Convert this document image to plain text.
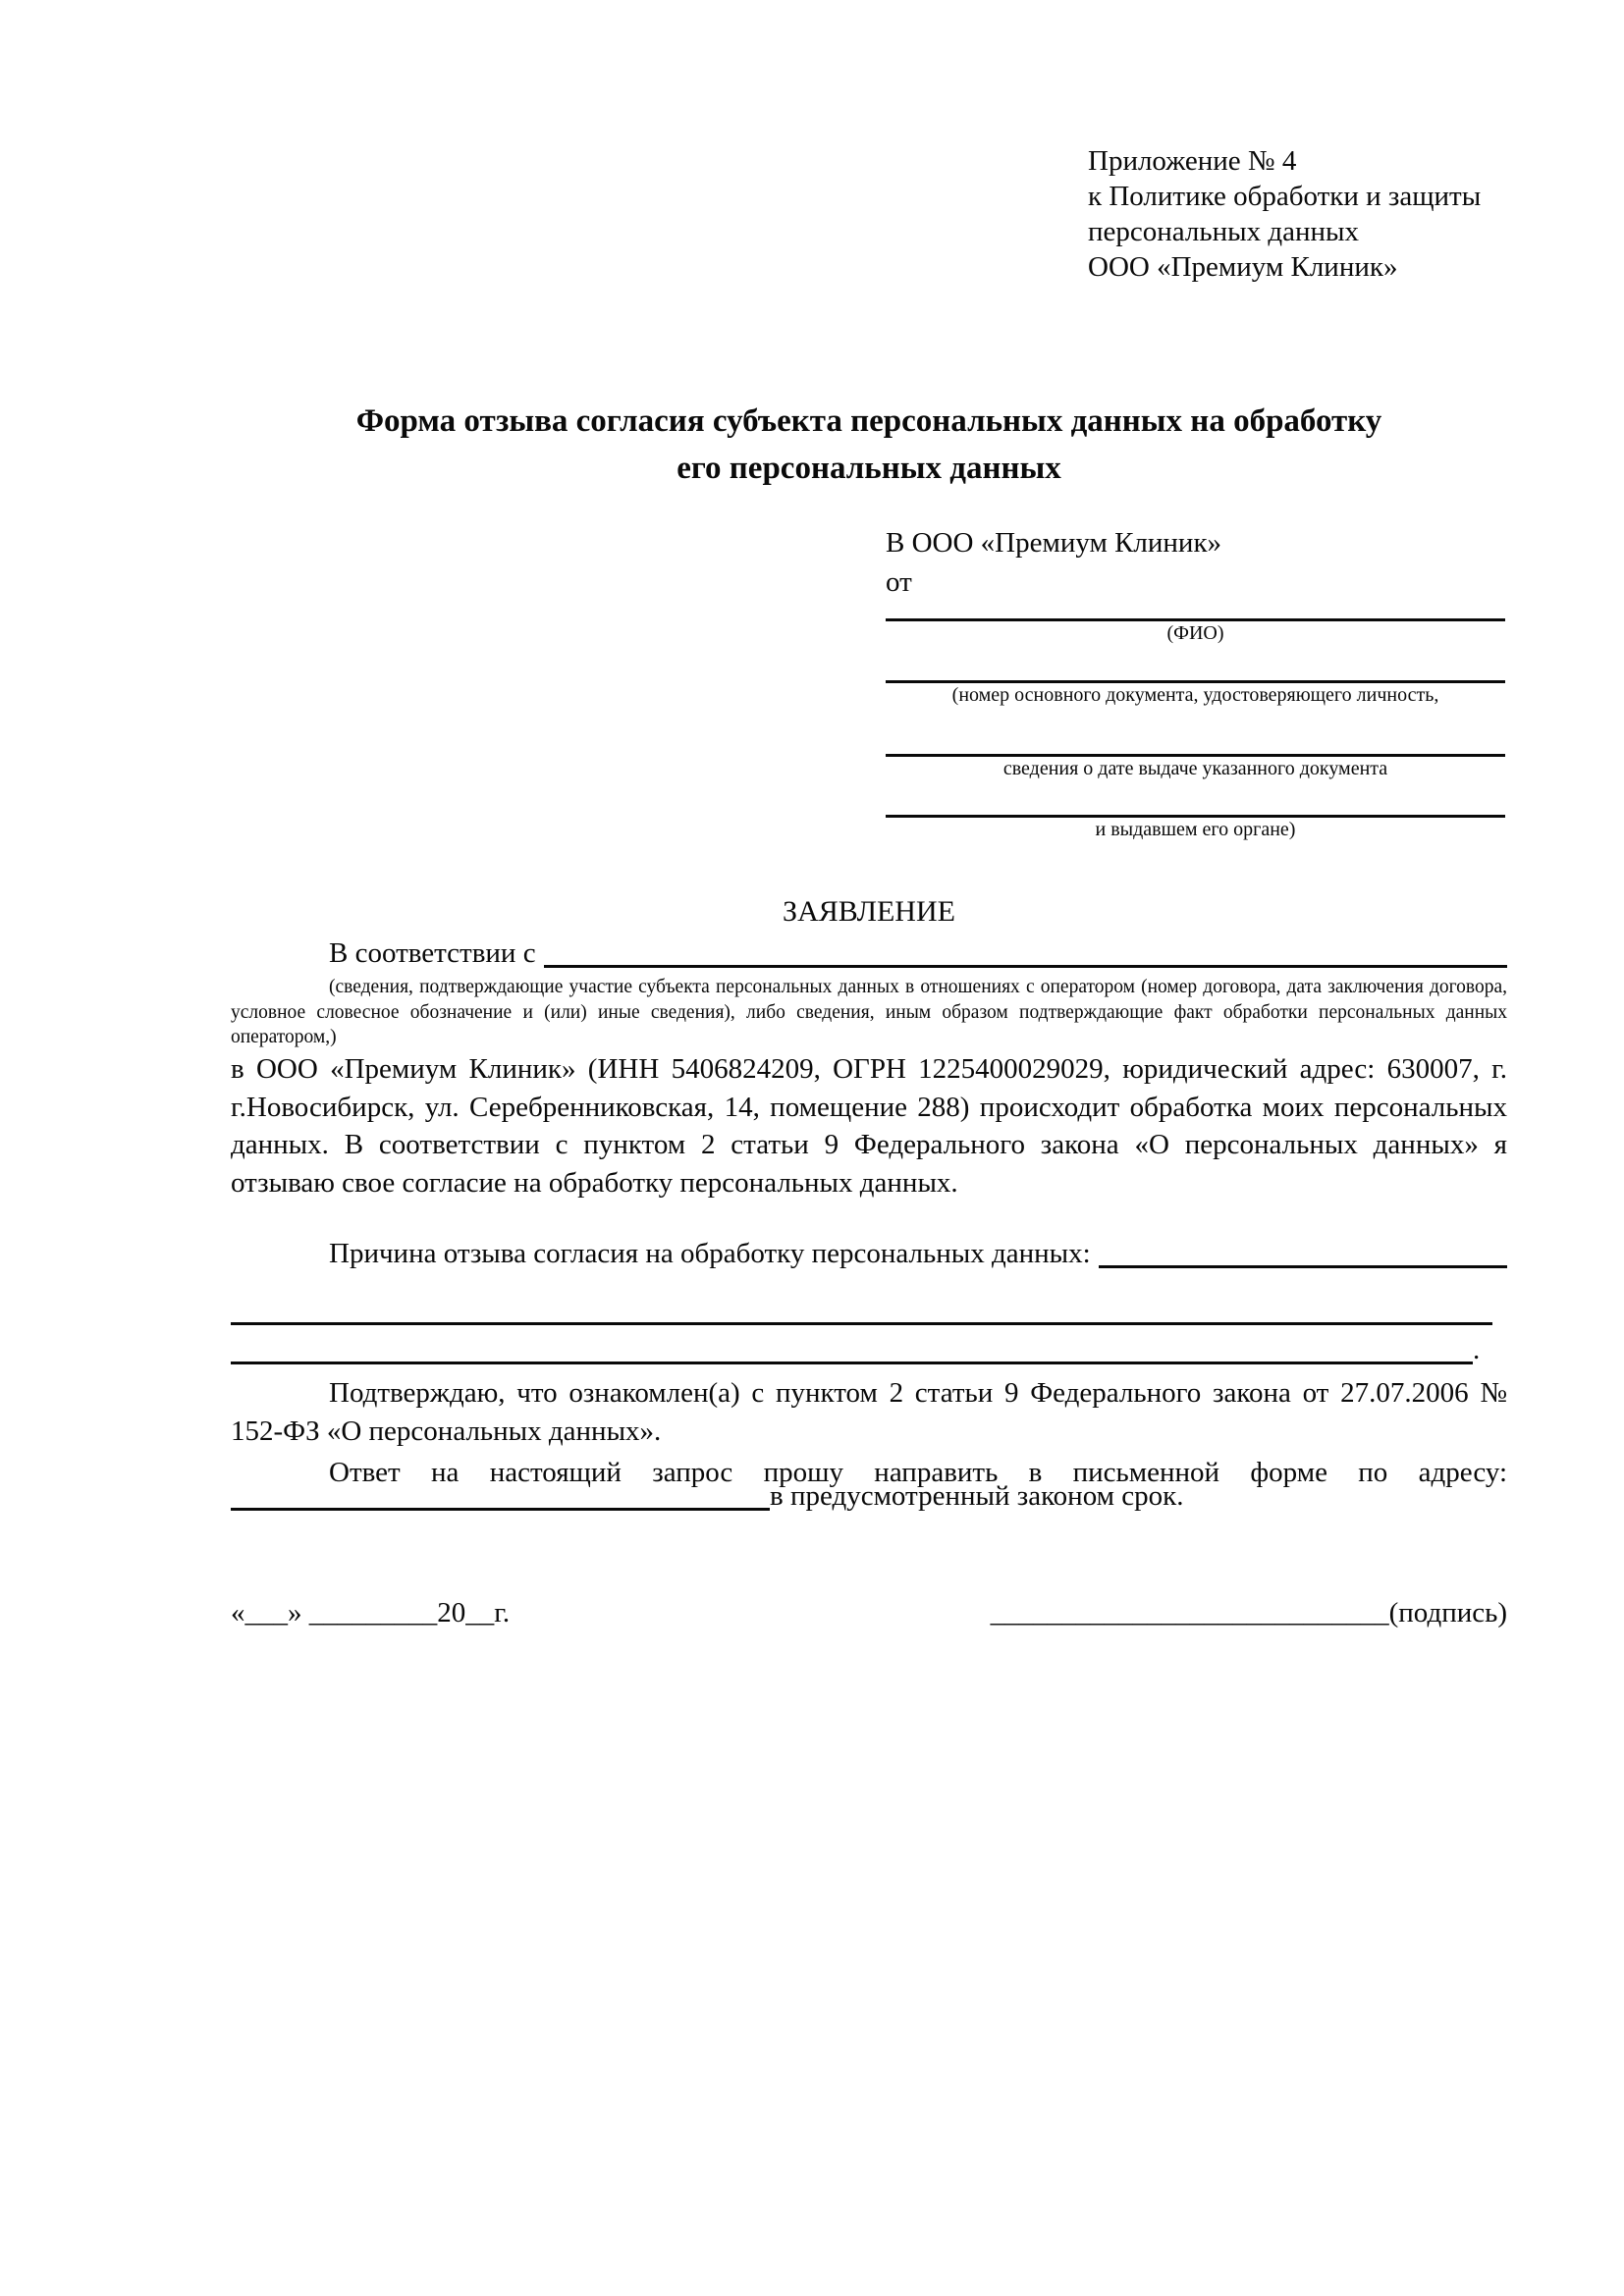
Приложение № 4
к Политике обработки и защиты
персональных данных
ООО «Премиум Клиник»
Форма отзыва согласия субъекта персональных данных на обработку
его персональных данных
В ООО «Премиум Клиник»
от
(ФИО)
(номер основного документа, удостоверяющего личность,
сведения о дате выдаче указанного документа
и выдавшем его органе)
ЗАЯВЛЕНИЕ
В соответствии с
(сведения, подтверждающие участие субъекта персональных данных в отношениях с оператором (номер договора, дата заключения договора, условное словесное обозначение и (или) иные сведения), либо сведения, иным образом подтверждающие факт обработки персональных данных оператором,)
в ООО «Премиум Клиник» (ИНН 5406824209, ОГРН 1225400029029, юридический адрес: 630007, г. г.Новосибирск, ул. Серебренниковская, 14, помещение 288) происходит обработка моих персональных данных. В соответствии с пунктом 2 статьи 9 Федерального закона «О персональных данных» я отзываю свое согласие на обработку персональных данных.
Причина отзыва согласия на обработку персональных данных:
.
Подтверждаю, что ознакомлен(а) с пунктом 2 статьи 9 Федерального закона от 27.07.2006 № 152-ФЗ «О персональных данных».
Ответ на настоящий запрос прошу направить в письменной форме по адресу:
в предусмотренный законом срок.
«___» _________20__г.	____________________________(подпись)
